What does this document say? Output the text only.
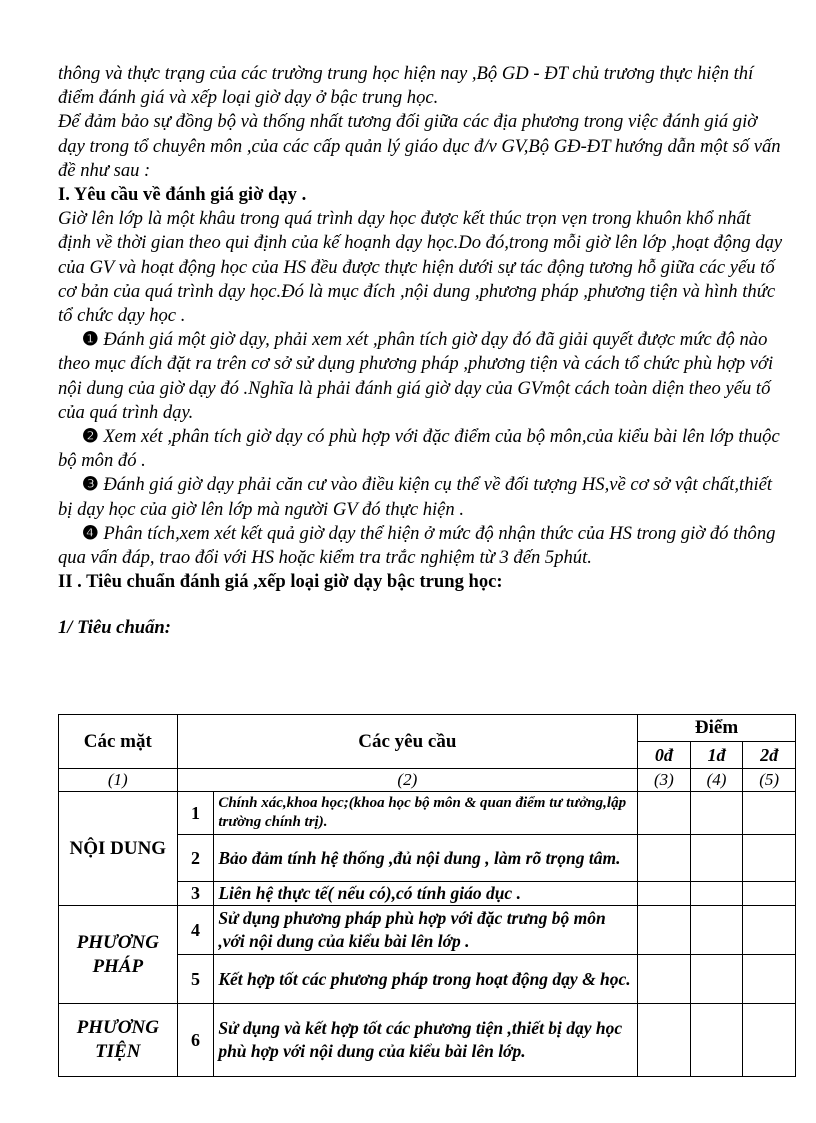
thông và thực trạng của các trường trung học hiện nay ,Bộ GD - ĐT chủ trương thực hiện thí điểm đánh giá và xếp loại giờ dạy ở bậc trung học.

Để đảm bảo sự đồng bộ và thống nhất tương đối giữa các địa phương trong việc đánh giá giờ dạy trong tổ chuyên môn ,của các cấp quản lý giáo dục đ/v GV,Bộ GĐ-ĐT hướng dẫn một số vấn đề như sau :

I. Yêu cầu về đánh giá giờ dạy .

Giờ lên lớp là một khâu trong quá trình dạy học được kết thúc trọn vẹn trong khuôn khổ nhất định về thời gian theo qui định của kế hoạnh dạy học.Do đó,trong mỗi giờ lên lớp ,hoạt động dạy của GV và hoạt động học của HS đều được thực hiện dưới sự tác động tương hỗ giữa các yếu tố cơ bản của quá trình dạy học.Đó là mục đích ,nội dung ,phương pháp ,phương tiện và hình thức tổ chức dạy học .

❶ Đánh giá một giờ dạy, phải xem xét ,phân tích giờ dạy đó đã giải quyết được mức độ nào theo mục đích đặt ra trên cơ sở sử dụng phương pháp ,phương tiện và cách tổ chức phù hợp với nội dung của giờ dạy đó .Nghĩa là phải đánh giá giờ dạy của GVmột cách toàn diện theo yếu tố của quá trình dạy.

❷ Xem xét ,phân tích giờ dạy có phù hợp với đặc điểm của bộ môn,của kiểu bài lên lớp thuộc bộ môn đó .

❸ Đánh giá giờ dạy phải căn cư vào điều kiện cụ thể về đối tượng HS,về cơ sở vật chất,thiết bị dạy học của giờ lên lớp mà người GV đó thực hiện .

❹ Phân tích,xem xét kết quả giờ dạy thể hiện ở mức độ nhận thức của HS trong giờ đó thông qua vấn đáp, trao đổi với HS hoặc kiểm tra trắc nghiệm từ 3 đến 5phút.

II . Tiêu chuẩn đánh giá ,xếp loại giờ dạy bậc trung học:

1/ Tiêu chuẩn:

Các mặt	Các yêu cầu		Điểm		
			0đ	1đ	2đ
(1)	(2)		(3)	(4)	(5)
NỘI DUNG	1	Chính xác,khoa học;(khoa học bộ môn & quan điểm tư tưởng,lập trường chính trị).			
	2	Bảo đảm tính hệ thống ,đủ nội dung , làm rõ trọng tâm.			
	3	Liên hệ thực tế( nếu có),có tính giáo dục .			
PHƯƠNG PHÁP	4	Sử dụng phương pháp phù hợp với đặc trưng bộ môn ,với nội dung của kiểu bài lên lớp .			
	5	Kết hợp tốt các phương pháp trong hoạt động dạy & học.			
PHƯƠNG TIỆN	6	Sử dụng và kết hợp tốt các phương tiện ,thiết bị dạy học phù hợp với nội dung của kiểu bài lên lớp.			
